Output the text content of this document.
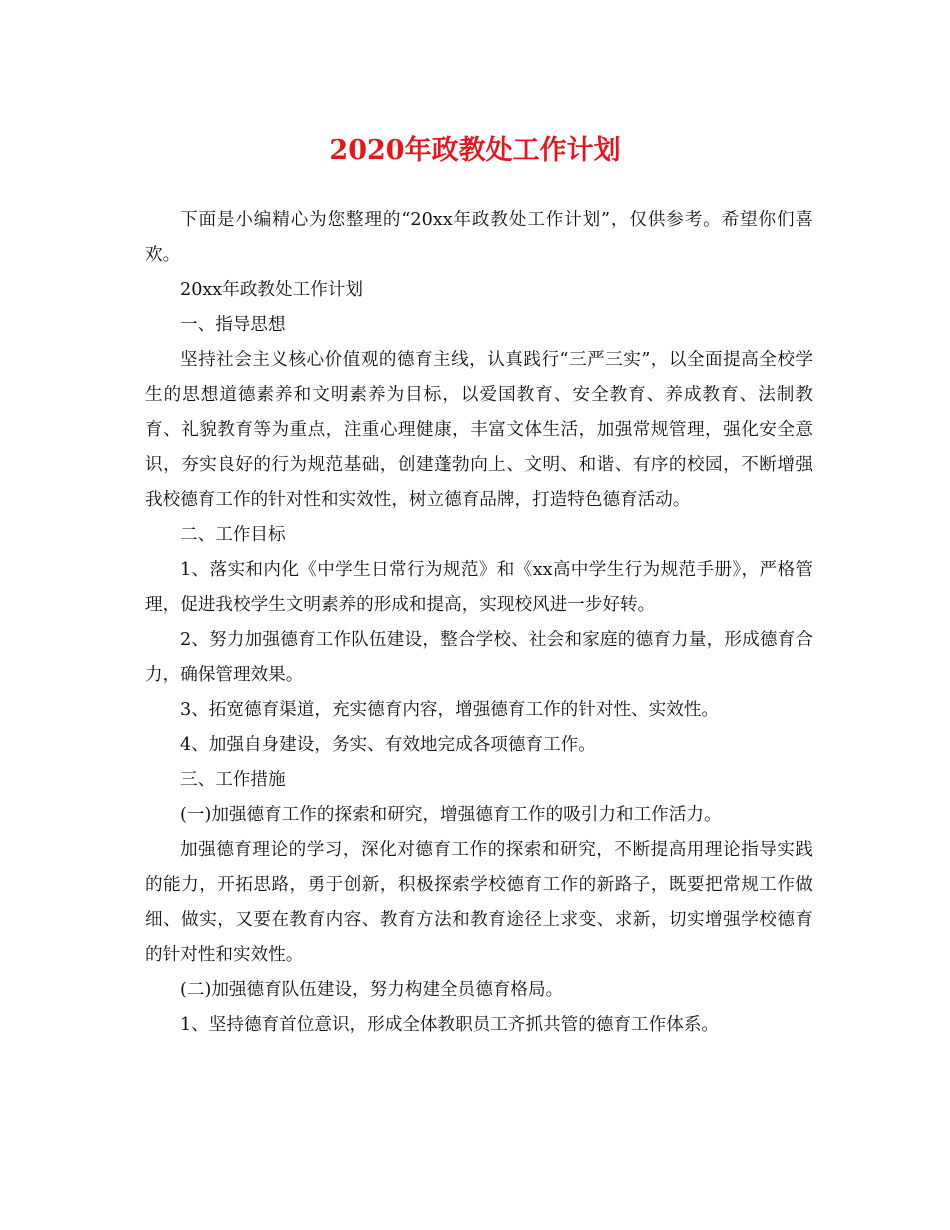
2020年政教处工作计划

下面是小编精心为您整理的“20xx年政教处工作计划”，仅供参考。希望你们喜欢。

20xx年政教处工作计划

一、指导思想

坚持社会主义核心价值观的德育主线，认真践行“三严三实”，以全面提高全校学生的思想道德素养和文明素养为目标，以爱国教育、安全教育、养成教育、法制教育、礼貌教育等为重点，注重心理健康，丰富文体生活，加强常规管理，强化安全意识，夯实良好的行为规范基础，创建蓬勃向上、文明、和谐、有序的校园，不断增强我校德育工作的针对性和实效性，树立德育品牌，打造特色德育活动。

二、工作目标

1、落实和内化《中学生日常行为规范》和《xx高中学生行为规范手册》，严格管理，促进我校学生文明素养的形成和提高，实现校风进一步好转。

2、努力加强德育工作队伍建设，整合学校、社会和家庭的德育力量，形成德育合力，确保管理效果。

3、拓宽德育渠道，充实德育内容，增强德育工作的针对性、实效性。

4、加强自身建设，务实、有效地完成各项德育工作。

三、工作措施

(一)加强德育工作的探索和研究，增强德育工作的吸引力和工作活力。

加强德育理论的学习，深化对德育工作的探索和研究，不断提高用理论指导实践的能力，开拓思路，勇于创新，积极探索学校德育工作的新路子，既要把常规工作做细、做实，又要在教育内容、教育方法和教育途径上求变、求新，切实增强学校德育的针对性和实效性。

(二)加强德育队伍建设，努力构建全员德育格局。

1、坚持德育首位意识，形成全体教职员工齐抓共管的德育工作体系。
